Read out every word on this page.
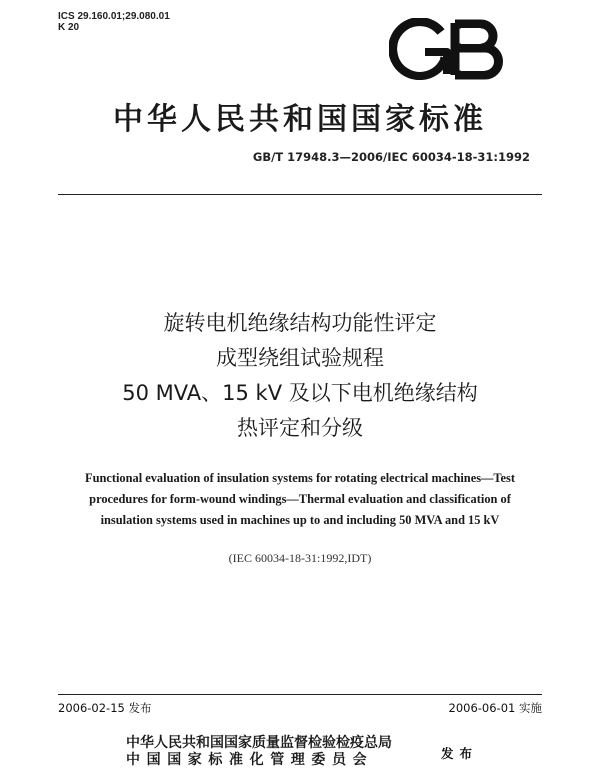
ICS 29.160.01;29.080.01
K 20
中华人民共和国国家标准
GB/T 17948.3—2006/IEC 60034-18-31:1992
旋转电机绝缘结构功能性评定
成型绕组试验规程
50 MVA、15 kV 及以下电机绝缘结构
热评定和分级
Functional evaluation of insulation systems for rotating electrical machines—Test
procedures for form-wound windings—Thermal evaluation and classification of
insulation systems used in machines up to and including 50 MVA and 15 kV
(IEC 60034-18-31:1992,IDT)
2006-02-15 发布	2006-06-01 实施
中华人民共和国国家质量监督检验检疫总局
中国国家标准化管理委员会	发布
